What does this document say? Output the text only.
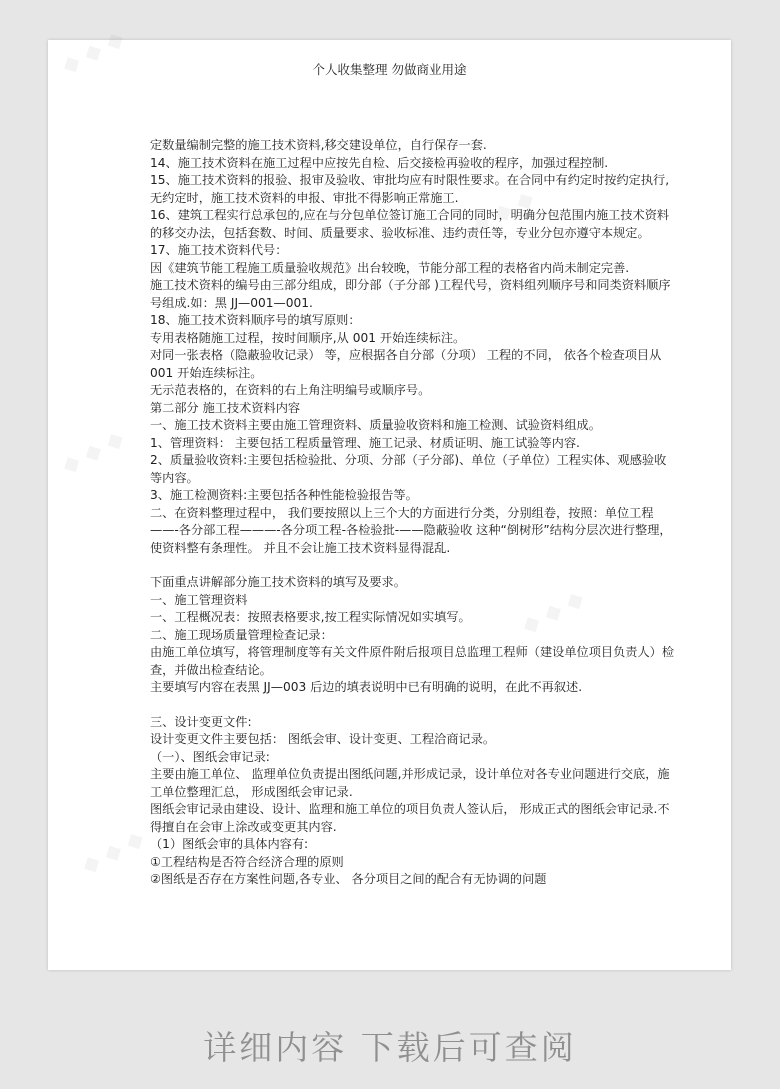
个人收集整理 勿做商业用途

定数量编制完整的施工技术资料,移交建设单位，自行保存一套.

14、施工技术资料在施工过程中应按先自检、后交接检再验收的程序，加强过程控制.

15、施工技术资料的报验、报审及验收、审批均应有时限性要求。在合同中有约定时按约定执行,无约定时，施工技术资料的申报、审批不得影响正常施工.

16、建筑工程实行总承包的,应在与分包单位签订施工合同的同时，明确分包范围内施工技术资料的移交办法，包括套数、时间、质量要求、验收标准、违约责任等，专业分包亦遵守本规定。

17、施工技术资料代号：

因《建筑节能工程施工质量验收规范》出台较晚，节能分部工程的表格省内尚未制定完善.

施工技术资料的编号由三部分组成，即分部（子分部 )工程代号，资料组列顺序号和同类资料顺序号组成.如：黑 JJ—001—001.

18、施工技术资料顺序号的填写原则：

专用表格随施工过程，按时间顺序,从 001 开始连续标注。

对同一张表格（隐蔽验收记录） 等，应根据各自分部（分项） 工程的不同， 依各个检查项目从 001 开始连续标注。

无示范表格的，在资料的右上角注明编号或顺序号。

第二部分 施工技术资料内容

一、施工技术资料主要由施工管理资料、质量验收资料和施工检测、试验资料组成。

1、管理资料： 主要包括工程质量管理、施工记录、材质证明、施工试验等内容.

2、质量验收资料:主要包括检验批、分项、分部（子分部)、单位（子单位）工程实体、观感验收等内容。

3、施工检测资料:主要包括各种性能检验报告等。

二、在资料整理过程中， 我们要按照以上三个大的方面进行分类，分别组卷，按照：单位工程——-各分部工程———-各分项工程-各检验批-——隐蔽验收 这种“倒树形”结构分层次进行整理， 使资料整有条理性。 并且不会让施工技术资料显得混乱.

下面重点讲解部分施工技术资料的填写及要求。

一、施工管理资料

一、工程概况表：按照表格要求,按工程实际情况如实填写。

二、施工现场质量管理检查记录：

由施工单位填写，将管理制度等有关文件原件附后报项目总监理工程师（建设单位项目负责人）检查，并做出检查结论。

主要填写内容在表黑 JJ—003 后边的填表说明中已有明确的说明，在此不再叙述.

三、设计变更文件:

设计变更文件主要包括： 图纸会审、设计变更、工程洽商记录。

（一）、图纸会审记录:

主要由施工单位、 监理单位负责提出图纸问题,并形成记录，设计单位对各专业问题进行交底，施工单位整理汇总， 形成图纸会审记录.

图纸会审记录由建设、设计、监理和施工单位的项目负责人签认后， 形成正式的图纸会审记录.不得擅自在会审上涂改或变更其内容.

（1）图纸会审的具体内容有:

①工程结构是否符合经济合理的原则

②图纸是否存在方案性问题,各专业、 各分项目之间的配合有无协调的问题

详细内容 下载后可查阅
